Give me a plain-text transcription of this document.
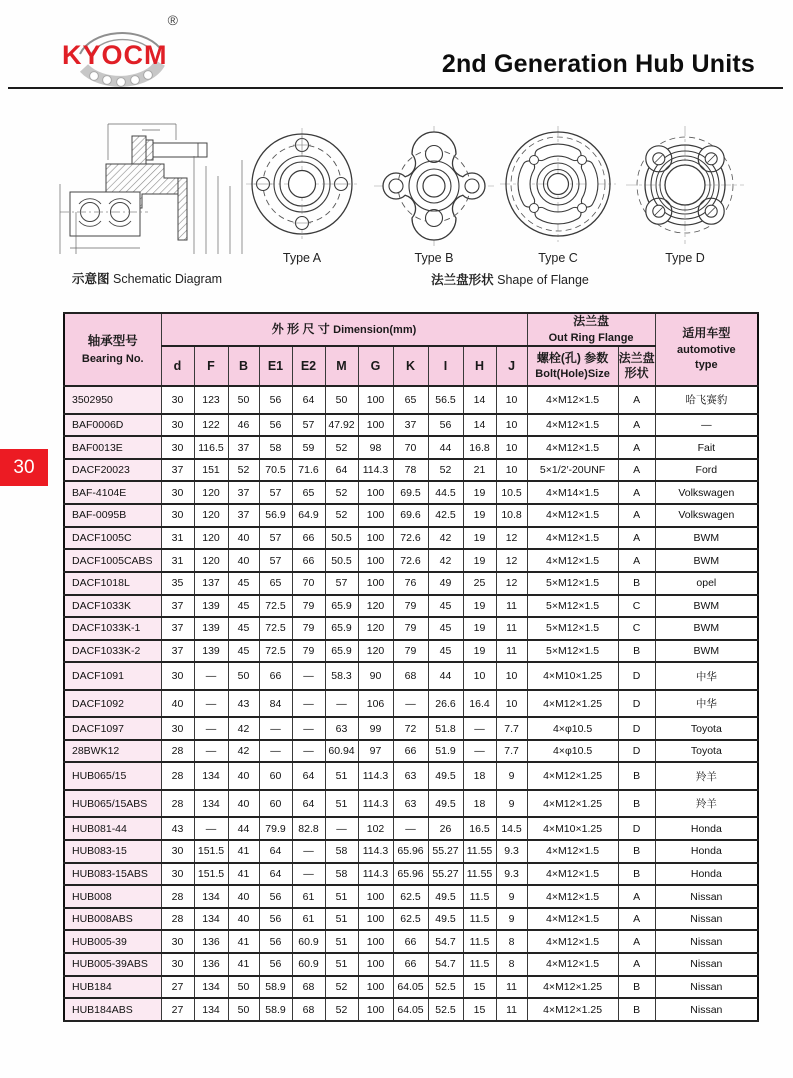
KYOCM
®
2nd Generation Hub Units
Type A	Type B	Type C	Type D
示意图 Schematic Diagram	法兰盘形状 Shape of Flange
30
轴承型号
Bearing No.	外 形 尺 寸 Dimension(mm)											法兰盘
Out Ring Flange		适用车型
automotive
type
	d	F	B	E1	E2	M	G	K	I	H	J	螺栓(孔) 参数
Bolt(Hole)Size	法兰盘
形状	
3502950	30	123	50	56	64	50	100	65	56.5	14	10	4×M12×1.5	A	哈飞赛豹
BAF0006D	30	122	46	56	57	47.92	100	37	56	14	10	4×M12×1.5	A	—
BAF0013E	30	116.5	37	58	59	52	98	70	44	16.8	10	4×M12×1.5	A	Fait
DACF20023	37	151	52	70.5	71.6	64	114.3	78	52	21	10	5×1/2′-20UNF	A	Ford
BAF-4104E	30	120	37	57	65	52	100	69.5	44.5	19	10.5	4×M14×1.5	A	Volkswagen
BAF-0095B	30	120	37	56.9	64.9	52	100	69.6	42.5	19	10.8	4×M12×1.5	A	Volkswagen
DACF1005C	31	120	40	57	66	50.5	100	72.6	42	19	12	4×M12×1.5	A	BWM
DACF1005CABS	31	120	40	57	66	50.5	100	72.6	42	19	12	4×M12×1.5	A	BWM
DACF1018L	35	137	45	65	70	57	100	76	49	25	12	5×M12×1.5	B	opel
DACF1033K	37	139	45	72.5	79	65.9	120	79	45	19	11	5×M12×1.5	C	BWM
DACF1033K-1	37	139	45	72.5	79	65.9	120	79	45	19	11	5×M12×1.5	C	BWM
DACF1033K-2	37	139	45	72.5	79	65.9	120	79	45	19	11	5×M12×1.5	B	BWM
DACF1091	30	—	50	66	—	58.3	90	68	44	10	10	4×M10×1.25	D	中华
DACF1092	40	—	43	84	—	—	106	—	26.6	16.4	10	4×M12×1.25	D	中华
DACF1097	30	—	42	—	—	63	99	72	51.8	—	7.7	4×φ10.5	D	Toyota
28BWK12	28	—	42	—	—	60.94	97	66	51.9	—	7.7	4×φ10.5	D	Toyota
HUB065/15	28	134	40	60	64	51	114.3	63	49.5	18	9	4×M12×1.25	B	羚羊
HUB065/15ABS	28	134	40	60	64	51	114.3	63	49.5	18	9	4×M12×1.25	B	羚羊
HUB081-44	43	—	44	79.9	82.8	—	102	—	26	16.5	14.5	4×M10×1.25	D	Honda
HUB083-15	30	151.5	41	64	—	58	114.3	65.96	55.27	11.55	9.3	4×M12×1.5	B	Honda
HUB083-15ABS	30	151.5	41	64	—	58	114.3	65.96	55.27	11.55	9.3	4×M12×1.5	B	Honda
HUB008	28	134	40	56	61	51	100	62.5	49.5	11.5	9	4×M12×1.5	A	Nissan
HUB008ABS	28	134	40	56	61	51	100	62.5	49.5	11.5	9	4×M12×1.5	A	Nissan
HUB005-39	30	136	41	56	60.9	51	100	66	54.7	11.5	8	4×M12×1.5	A	Nissan
HUB005-39ABS	30	136	41	56	60.9	51	100	66	54.7	11.5	8	4×M12×1.5	A	Nissan
HUB184	27	134	50	58.9	68	52	100	64.05	52.5	15	11	4×M12×1.25	B	Nissan
HUB184ABS	27	134	50	58.9	68	52	100	64.05	52.5	15	11	4×M12×1.25	B	Nissan
